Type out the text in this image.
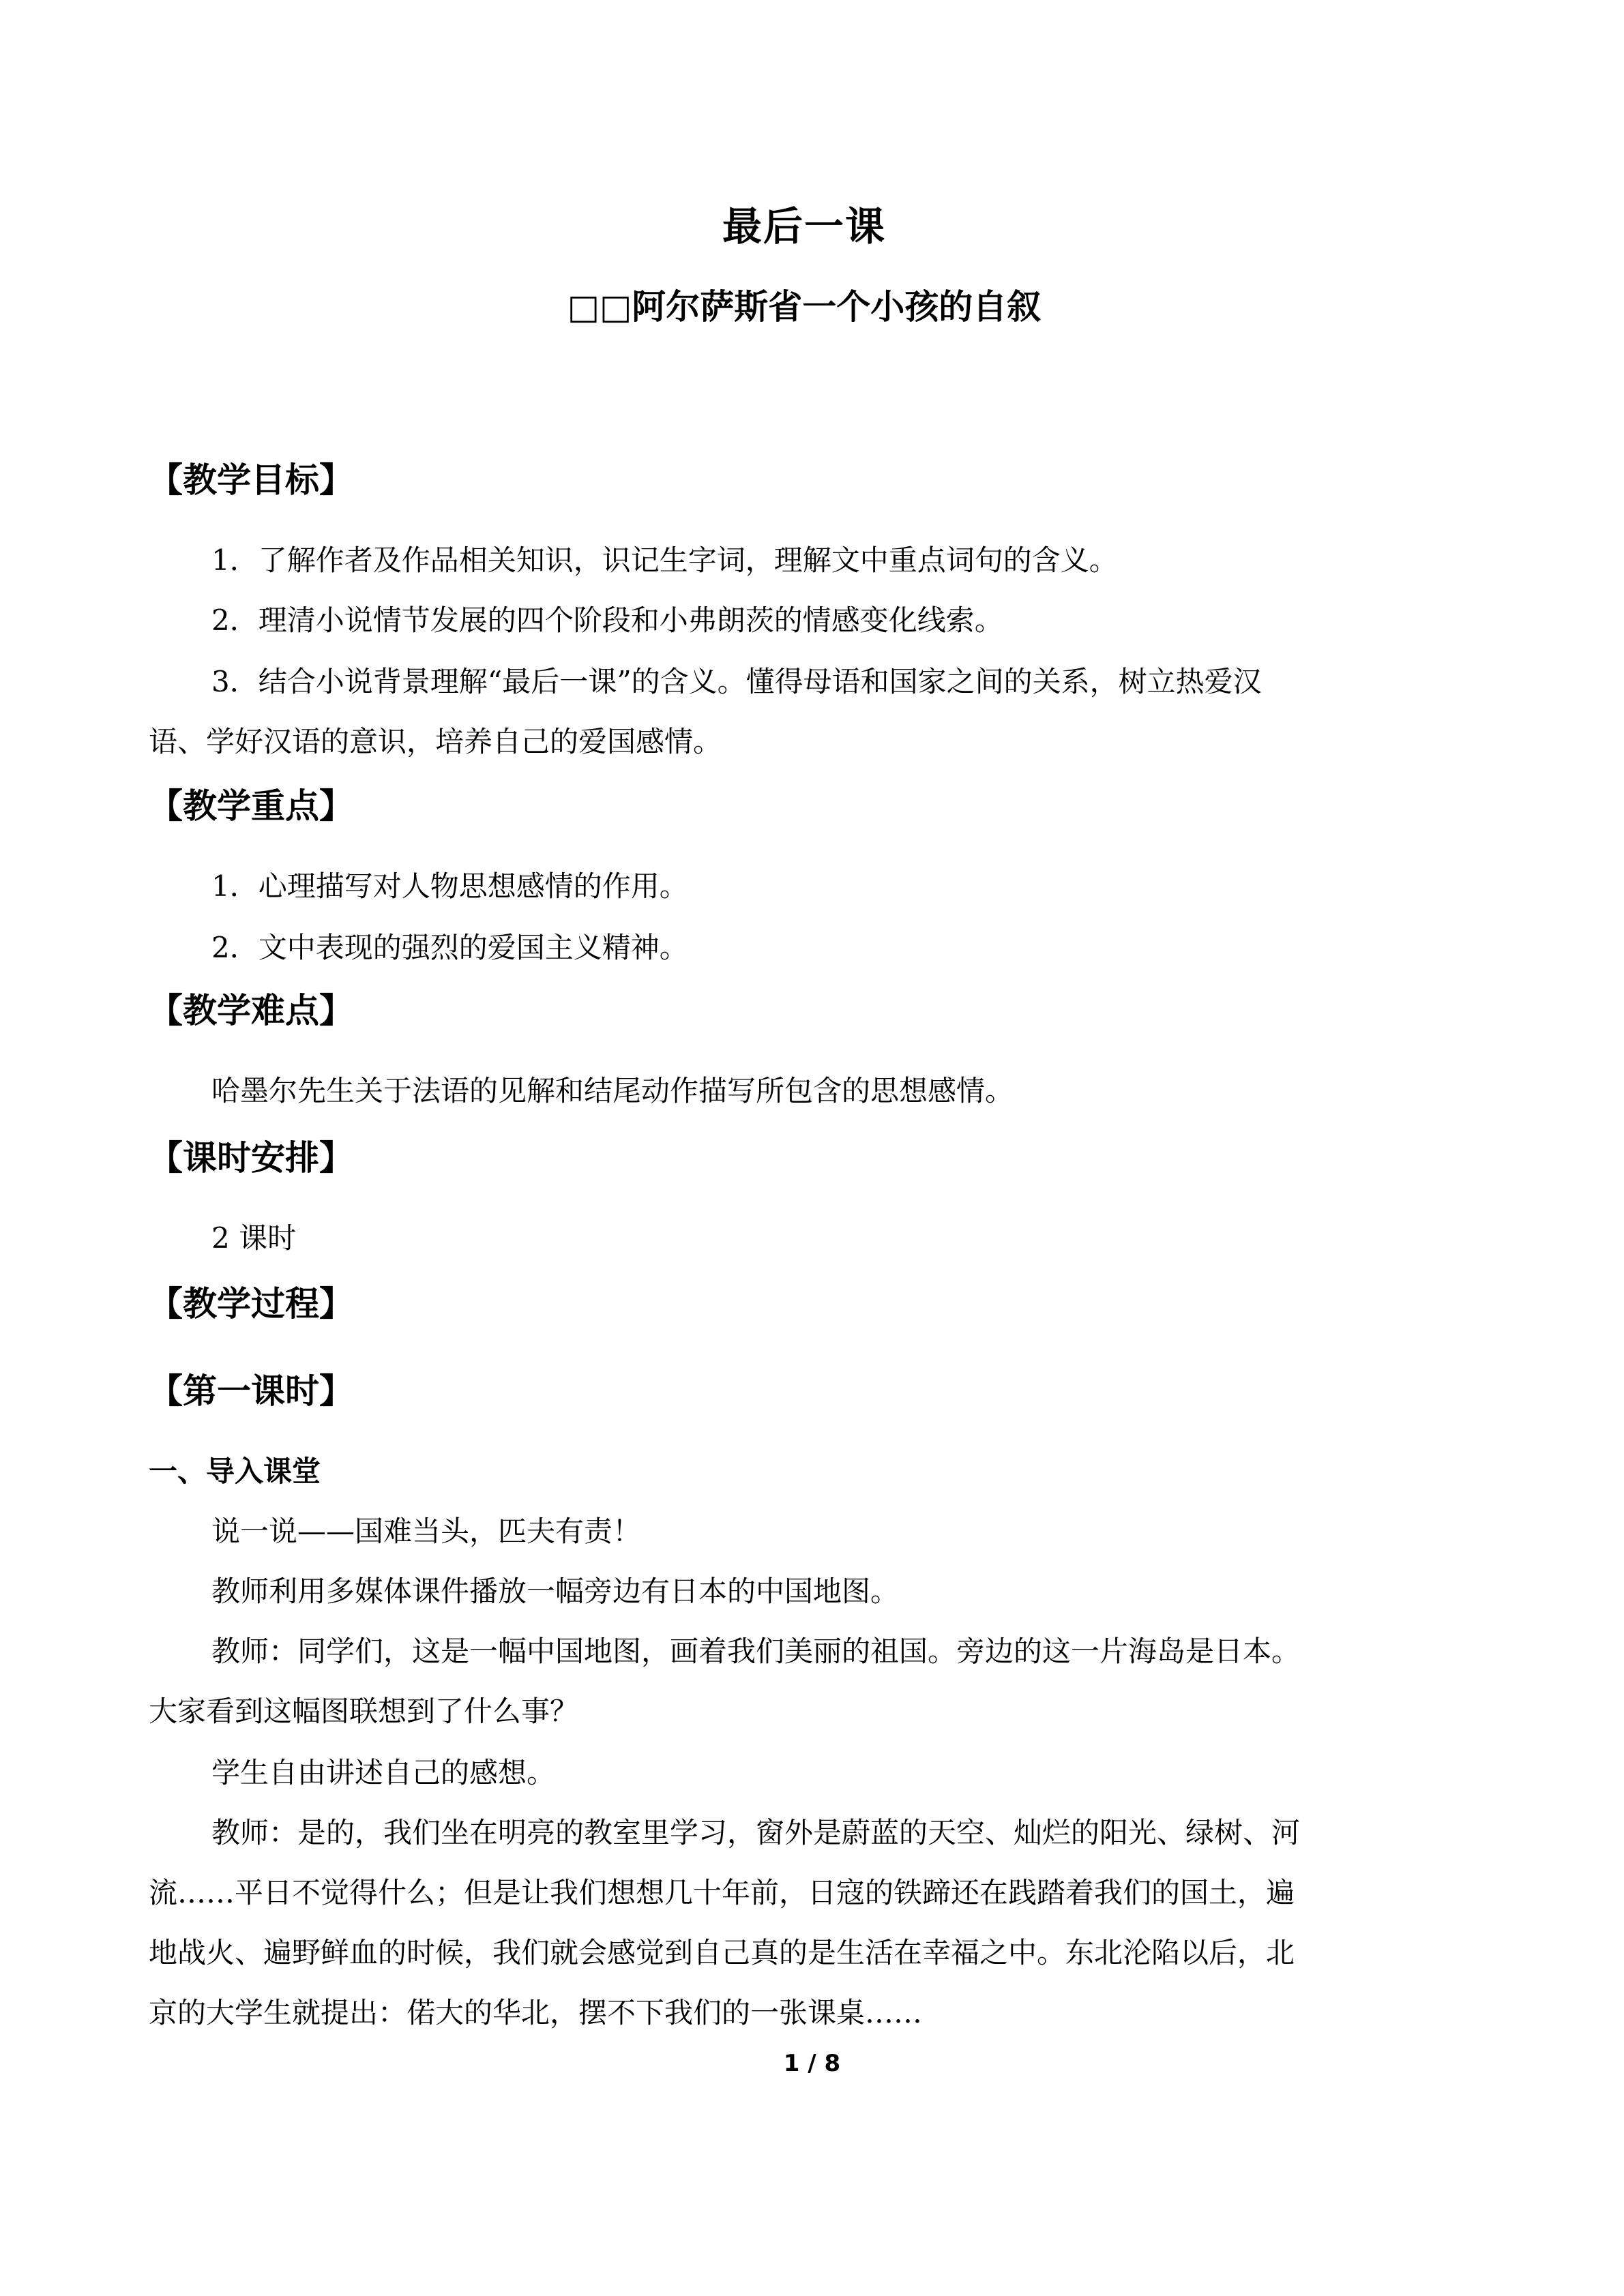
最后一课
□□阿尔萨斯省一个小孩的自叙
【教学目标】
1．了解作者及作品相关知识，识记生字词，理解文中重点词句的含义。
2．理清小说情节发展的四个阶段和小弗朗茨的情感变化线索。
3．结合小说背景理解“最后一课”的含义。懂得母语和国家之间的关系，树立热爱汉
语、学好汉语的意识，培养自己的爱国感情。
【教学重点】
1．心理描写对人物思想感情的作用。
2．文中表现的强烈的爱国主义精神。
【教学难点】
哈墨尔先生关于法语的见解和结尾动作描写所包含的思想感情。
【课时安排】
2 课时
【教学过程】
【第一课时】
一、导入课堂
说一说——国难当头，匹夫有责！
教师利用多媒体课件播放一幅旁边有日本的中国地图。
教师：同学们，这是一幅中国地图，画着我们美丽的祖国。旁边的这一片海岛是日本。
大家看到这幅图联想到了什么事？
学生自由讲述自己的感想。
教师：是的，我们坐在明亮的教室里学习，窗外是蔚蓝的天空、灿烂的阳光、绿树、河
流……平日不觉得什么；但是让我们想想几十年前，日寇的铁蹄还在践踏着我们的国土，遍
地战火、遍野鲜血的时候，我们就会感觉到自己真的是生活在幸福之中。东北沦陷以后，北
京的大学生就提出：偌大的华北，摆不下我们的一张课桌……
1 / 8
